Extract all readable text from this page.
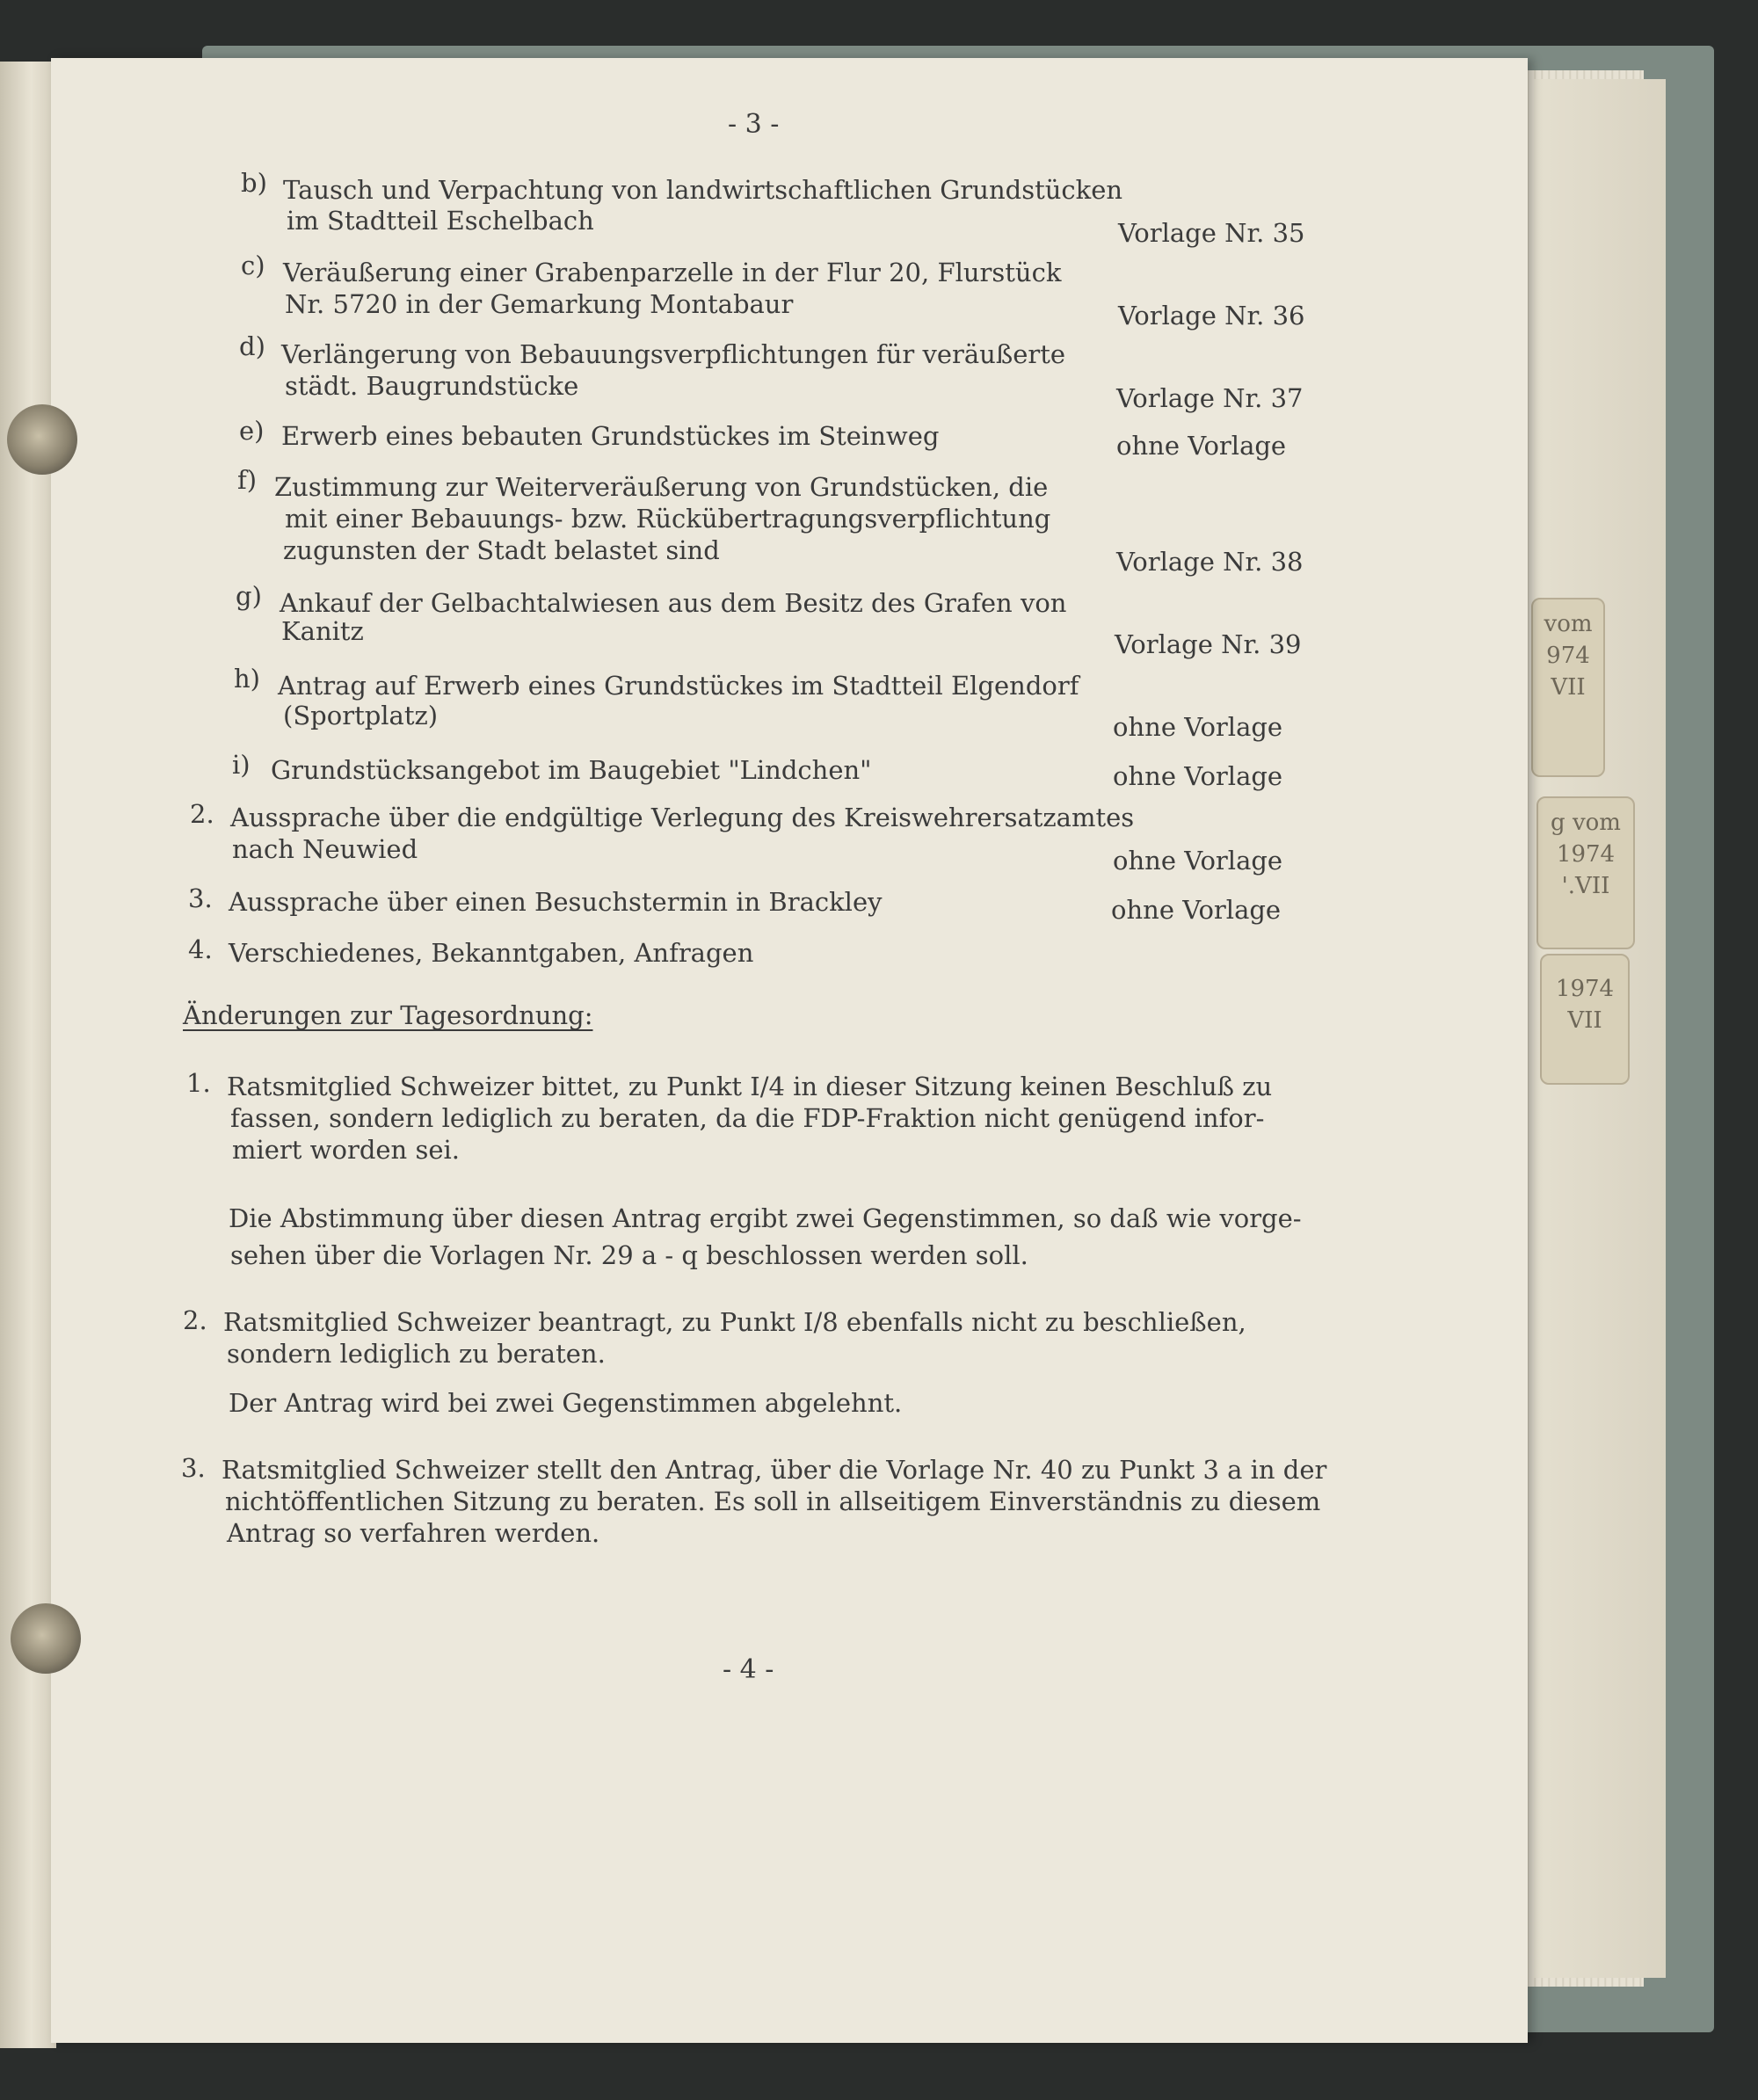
vom
974
VII
g vom
1974
'.VII
1974
VII
- 3 -
b) Tausch und Verpachtung von landwirtschaftlichen Grundstücken
im Stadtteil Eschelbach	Vorlage Nr. 35
c) Veräußerung einer Grabenparzelle in der Flur 20, Flurstück
Nr. 5720 in der Gemarkung Montabaur	Vorlage Nr. 36
d) Verlängerung von Bebauungsverpflichtungen für veräußerte
städt. Baugrundstücke	Vorlage Nr. 37
e) Erwerb eines bebauten Grundstückes im Steinweg	ohne Vorlage
f) Zustimmung zur Weiterveräußerung von Grundstücken, die
mit einer Bebauungs- bzw. Rückübertragungsverpflichtung
zugunsten der Stadt belastet sind	Vorlage Nr. 38
g) Ankauf der Gelbachtalwiesen aus dem Besitz des Grafen von
Kanitz	Vorlage Nr. 39
h) Antrag auf Erwerb eines Grundstückes im Stadtteil Elgendorf
(Sportplatz)	ohne Vorlage
i) Grundstücksangebot im Baugebiet "Lindchen"	ohne Vorlage
2. Aussprache über die endgültige Verlegung des Kreiswehrersatzamtes
nach Neuwied	ohne Vorlage
3. Aussprache über einen Besuchstermin in Brackley	ohne Vorlage
4. Verschiedenes, Bekanntgaben, Anfragen
Änderungen zur Tagesordnung:
1. Ratsmitglied Schweizer bittet, zu Punkt I/4 in dieser Sitzung keinen Beschluß zu
fassen, sondern lediglich zu beraten, da die FDP-Fraktion nicht genügend infor-
miert worden sei.
Die Abstimmung über diesen Antrag ergibt zwei Gegenstimmen, so daß wie vorge-
sehen über die Vorlagen Nr. 29 a - q beschlossen werden soll.
2. Ratsmitglied Schweizer beantragt, zu Punkt I/8 ebenfalls nicht zu beschließen,
sondern lediglich zu beraten.
Der Antrag wird bei zwei Gegenstimmen abgelehnt.
3. Ratsmitglied Schweizer stellt den Antrag, über die Vorlage Nr. 40 zu Punkt 3 a in der
nichtöffentlichen Sitzung zu beraten. Es soll in allseitigem Einverständnis zu diesem
Antrag so verfahren werden.
- 4 -
